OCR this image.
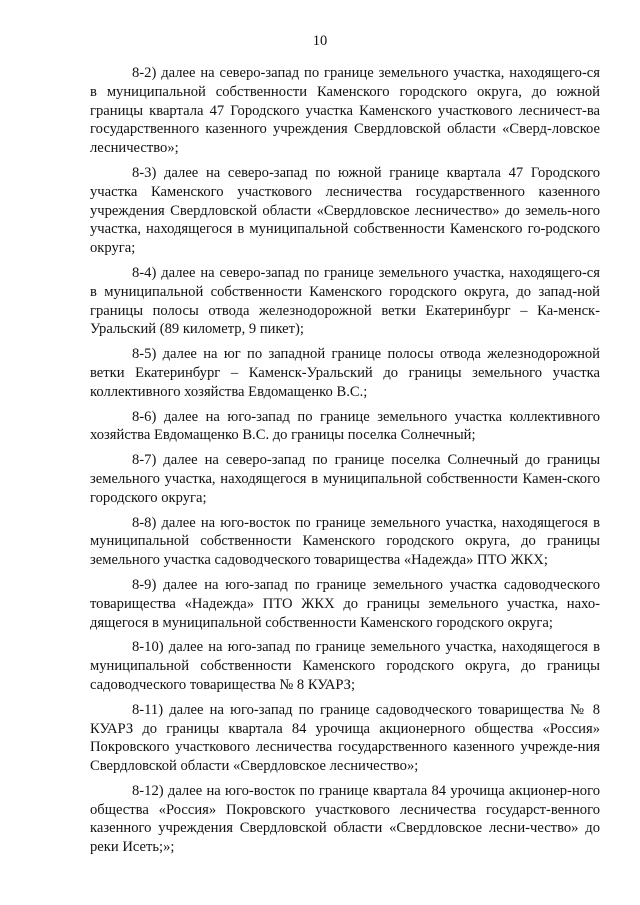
10

8-2) далее на северо-запад по границе земельного участка, находящего-ся в муниципальной собственности Каменского городского округа, до южной границы квартала 47 Городского участка Каменского участкового лесничест-ва государственного казенного учреждения Свердловской области «Сверд-ловское лесничество»;

8-3) далее на северо-запад по южной границе квартала 47 Городского участка Каменского участкового лесничества государственного казенного учреждения Свердловской области «Свердловское лесничество» до земель-ного участка, находящегося в муниципальной собственности Каменского го-родского округа;

8-4) далее на северо-запад по границе земельного участка, находящего-ся в муниципальной собственности Каменского городского округа, до запад-ной границы полосы отвода железнодорожной ветки Екатеринбург – Ка-менск-Уральский (89 километр, 9 пикет);

8-5) далее на юг по западной границе полосы отвода железнодорожной ветки Екатеринбург – Каменск-Уральский до границы земельного участка коллективного хозяйства Евдомащенко В.С.;

8-6) далее на юго-запад по границе земельного участка коллективного хозяйства Евдомащенко В.С. до границы поселка Солнечный;

8-7) далее на северо-запад по границе поселка Солнечный до границы земельного участка, находящегося в муниципальной собственности Камен-ского городского округа;

8-8) далее на юго-восток по границе земельного участка, находящегося в муниципальной собственности Каменского городского округа, до границы земельного участка садоводческого товарищества «Надежда» ПТО ЖКХ;

8-9) далее на юго-запад по границе земельного участка садоводческого товарищества «Надежда» ПТО ЖКХ до границы земельного участка, нахо-дящегося в муниципальной собственности Каменского городского округа;

8-10) далее на юго-запад по границе земельного участка, находящегося в муниципальной собственности Каменского городского округа, до границы садоводческого товарищества № 8 КУАРЗ;

8-11) далее на юго-запад по границе садоводческого товарищества № 8 КУАРЗ до границы квартала 84 урочища акционерного общества «Россия» Покровского участкового лесничества государственного казенного учрежде-ния Свердловской области «Свердловское лесничество»;

8-12) далее на юго-восток по границе квартала 84 урочища акционер-ного общества «Россия» Покровского участкового лесничества государст-венного казенного учреждения Свердловской области «Свердловское лесни-чество» до реки Исеть;»;
